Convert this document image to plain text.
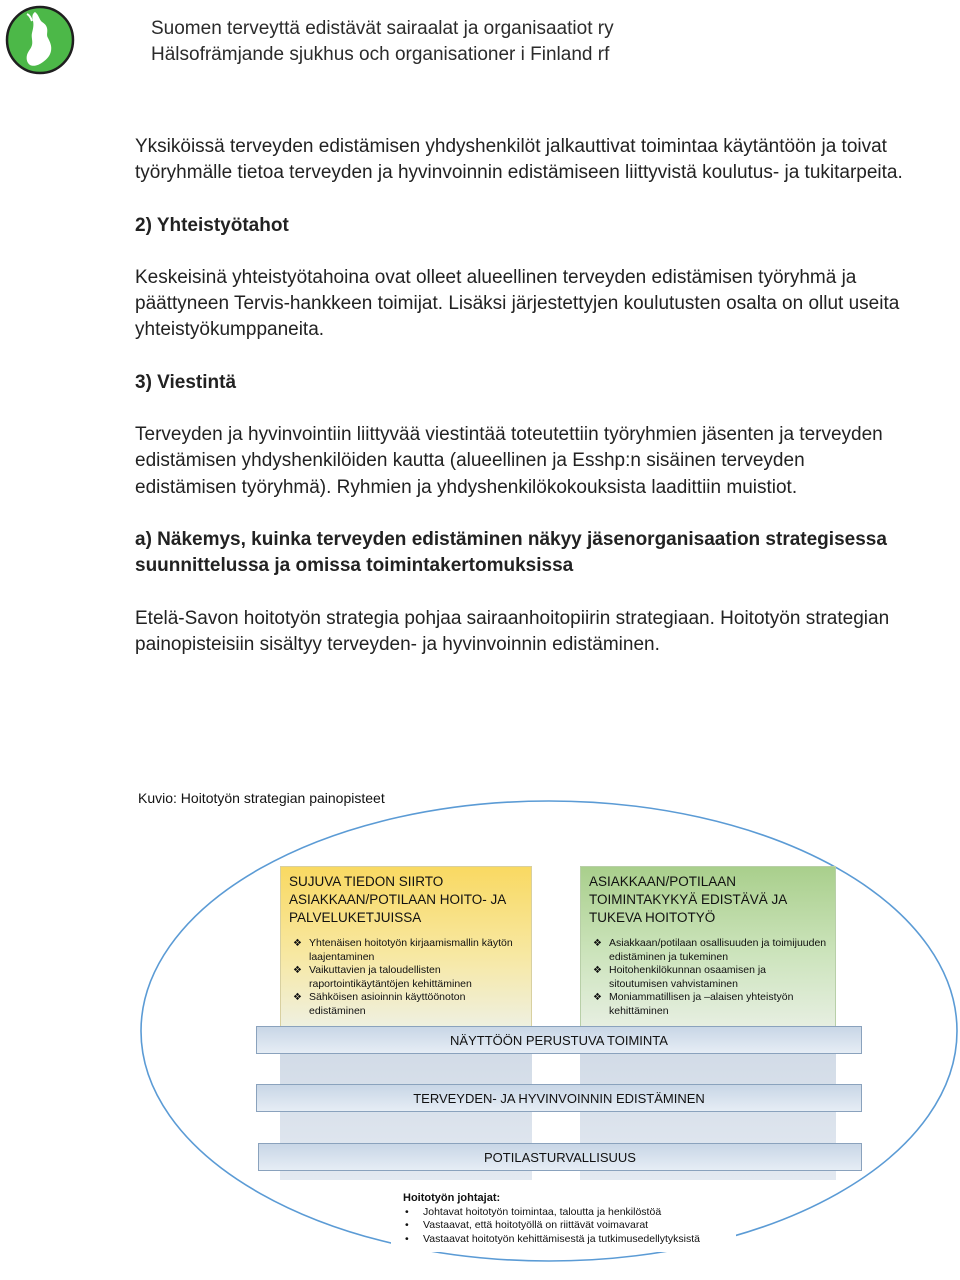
Suomen terveyttä edistävät sairaalat ja organisaatiot ry
Hälsofrämjande sjukhus och organisationer i Finland rf

Yksiköissä terveyden edistämisen yhdyshenkilöt jalkauttivat toimintaa käytäntöön ja toivat työryhmälle tietoa terveyden ja hyvinvoinnin edistämiseen liittyvistä koulutus- ja tukitarpeita.

2) Yhteistyötahot

Keskeisinä yhteistyötahoina ovat olleet alueellinen terveyden edistämisen työryhmä ja päättyneen Tervis-hankkeen toimijat. Lisäksi järjestettyjen koulutusten osalta on ollut useita yhteistyökumppaneita.

3) Viestintä

Terveyden ja hyvinvointiin liittyvää viestintää toteutettiin työryhmien jäsenten ja terveyden edistämisen yhdyshenkilöiden kautta (alueellinen ja Esshp:n sisäinen terveyden edistämisen työryhmä). Ryhmien ja yhdyshenkilökokouksista laadittiin muistiot.

a) Näkemys, kuinka terveyden edistäminen näkyy jäsenorganisaation strategisessa suunnittelussa ja omissa toimintakertomuksissa

Etelä-Savon hoitotyön strategia pohjaa sairaanhoitopiirin strategiaan. Hoitotyön strategian painopisteisiin sisältyy terveyden- ja hyvinvoinnin edistäminen.

Kuvio: Hoitotyön strategian painopisteet
SUJUVA TIEDON SIIRTO ASIAKKAAN/POTILAAN HOITO- JA PALVELUKETJUISSA
❖ Yhtenäisen hoitotyön kirjaamismallin käytön laajentaminen
❖ Vaikuttavien ja taloudellisten raportointikäytäntöjen kehittäminen
❖ Sähköisen asioinnin käyttöönoton edistäminen
ASIAKKAAN/POTILAAN TOIMINTAKYKYÄ EDISTÄVÄ JA TUKEVA HOITOTYÖ
❖ Asiakkaan/potilaan osallisuuden ja toimijuuden edistäminen ja tukeminen
❖ Hoitohenkilökunnan osaamisen ja sitoutumisen vahvistaminen
❖ Moniammatillisen ja –alaisen yhteistyön kehittäminen
NÄYTTÖÖN PERUSTUVA TOIMINTA
TERVEYDEN- JA HYVINVOINNIN EDISTÄMINEN
POTILASTURVALLISUUS
Hoitotyön johtajat:
• Johtavat hoitotyön toimintaa, taloutta ja henkilöstöä
• Vastaavat, että hoitotyöllä on riittävät voimavarat
• Vastaavat hoitotyön kehittämisestä ja tutkimusedellytyksistä
